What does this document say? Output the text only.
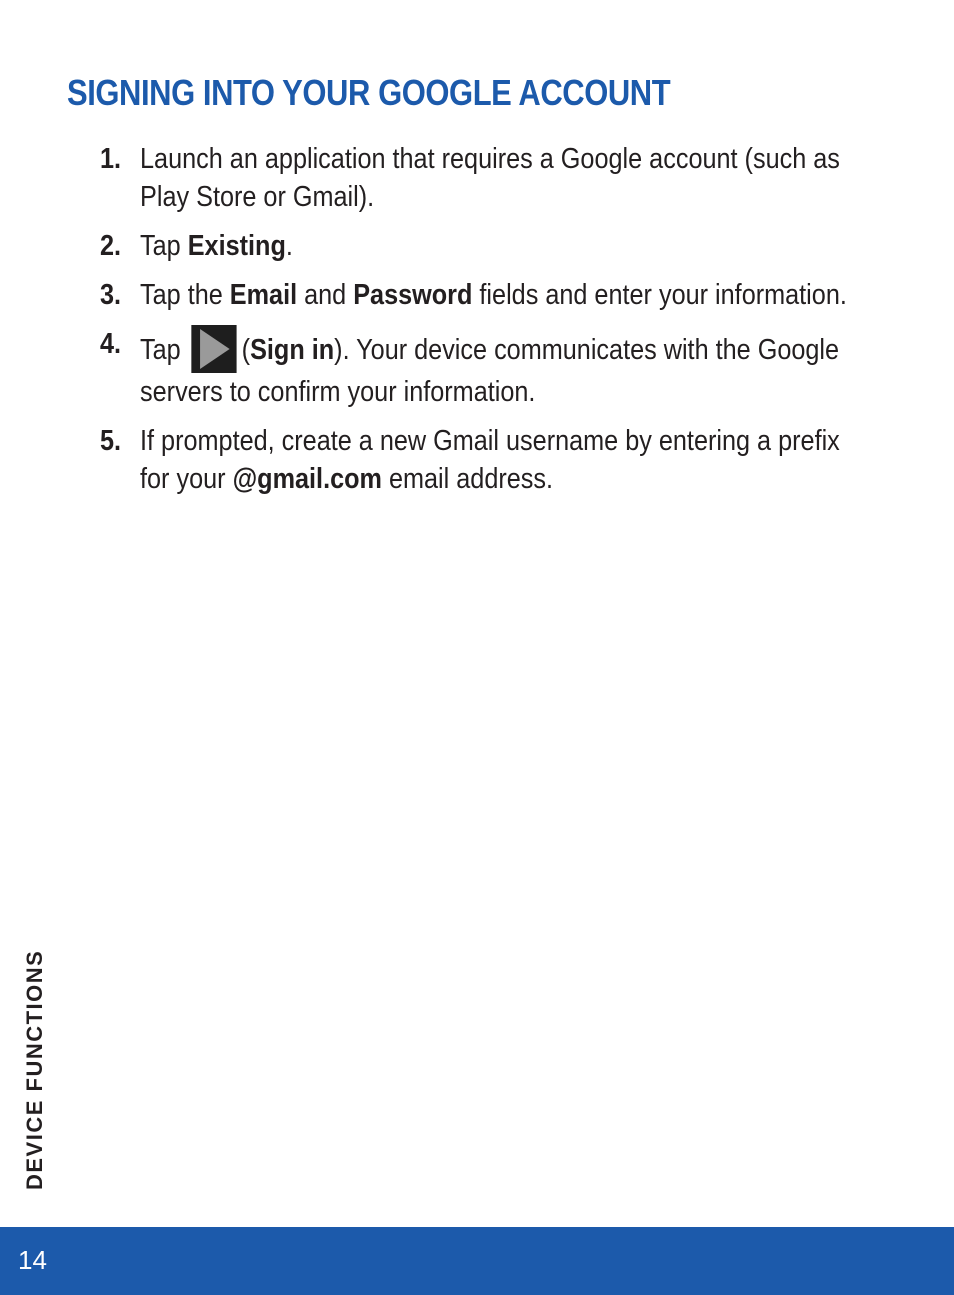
SIGNING INTO YOUR GOOGLE ACCOUNT
1. Launch an application that requires a Google account (such as Play Store or Gmail).
2. Tap Existing.
3. Tap the Email and Password fields and enter your information.
4. Tap (Sign in). Your device communicates with the Google servers to confirm your information.
5. If prompted, create a new Gmail username by entering a prefix for your @gmail.com email address.
DEVICE FUNCTIONS
14
